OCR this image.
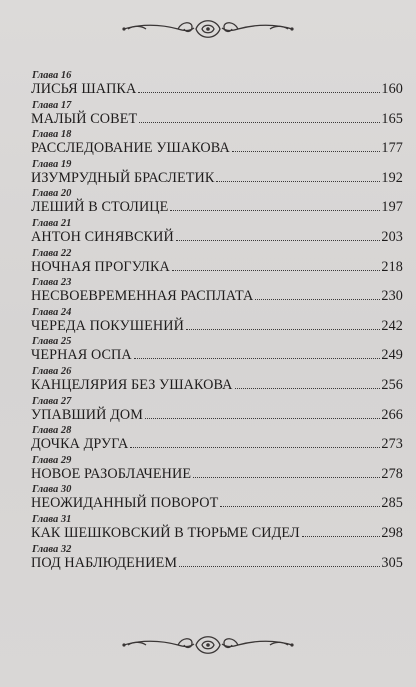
Глава 16
ЛИСЬЯ ШАПКА	160
Глава 17
МАЛЫЙ СОВЕТ	165
Глава 18
РАССЛЕДОВАНИЕ УШАКОВА	177
Глава 19
ИЗУМРУДНЫЙ БРАСЛЕТИК	192
Глава 20
ЛЕШИЙ В СТОЛИЦЕ	197
Глава 21
АНТОН СИНЯВСКИЙ	203
Глава 22
НОЧНАЯ ПРОГУЛКА	218
Глава 23
НЕСВОЕВРЕМЕННАЯ РАСПЛАТА	230
Глава 24
ЧЕРЕДА ПОКУШЕНИЙ	242
Глава 25
ЧЕРНАЯ ОСПА	249
Глава 26
КАНЦЕЛЯРИЯ БЕЗ УШАКОВА	256
Глава 27
УПАВШИЙ ДОМ	266
Глава 28
ДОЧКА ДРУГА	273
Глава 29
НОВОЕ РАЗОБЛАЧЕНИЕ	278
Глава 30
НЕОЖИДАННЫЙ ПОВОРОТ	285
Глава 31
КАК ШЕШКОВСКИЙ В ТЮРЬМЕ СИДЕЛ	298
Глава 32
ПОД НАБЛЮДЕНИЕМ	305
